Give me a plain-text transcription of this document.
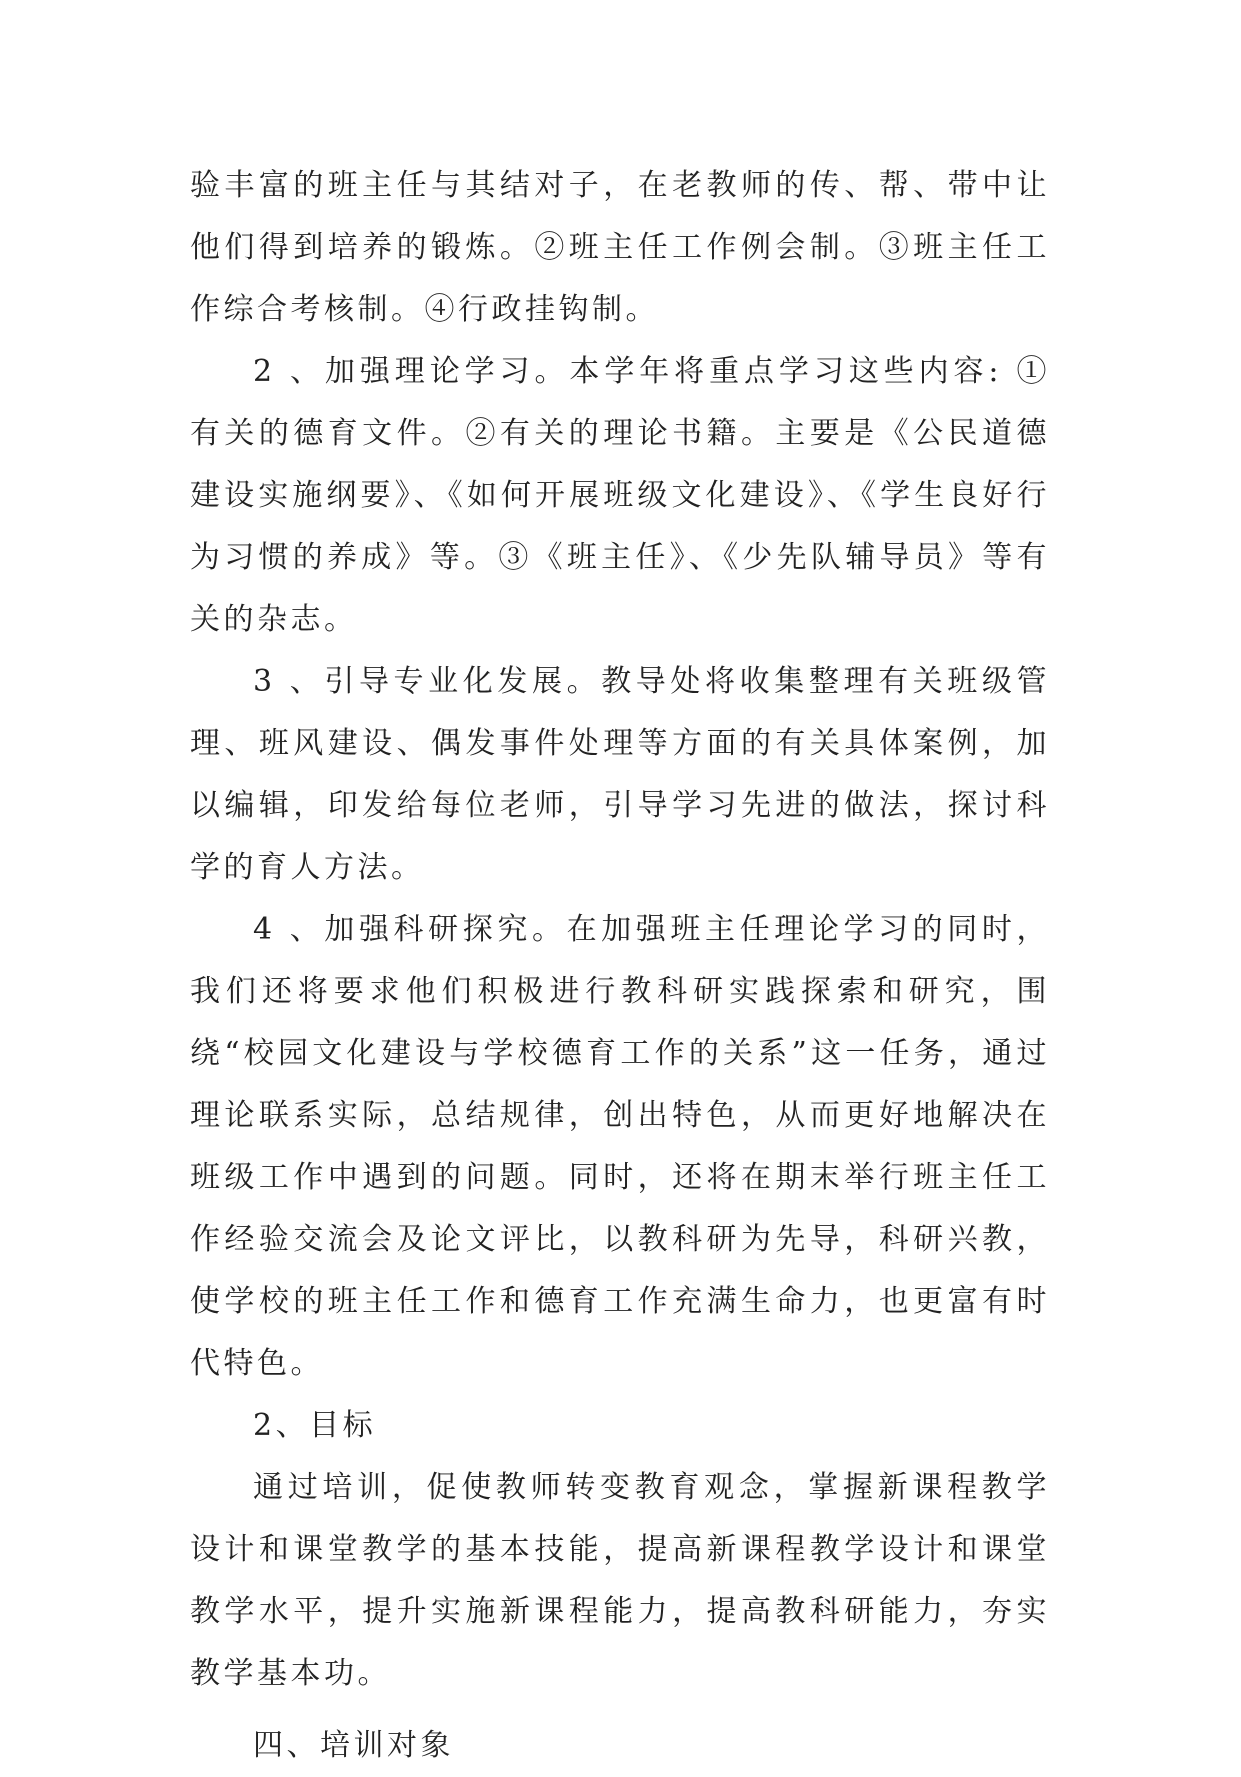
验丰富的班主任与其结对子，在老教师的传、帮、带中让他们得到培养的锻炼。②班主任工作例会制。③班主任工作综合考核制。④行政挂钩制。

2 、加强理论学习。本学年将重点学习这些内容: ①有关的德育文件。②有关的理论书籍。主要是《公民道德建设实施纲要》、《如何开展班级文化建设》、《学生良好行为习惯的养成》等。③《班主任》、《少先队辅导员》等有关的杂志。

3 、引导专业化发展。教导处将收集整理有关班级管理、班风建设、偶发事件处理等方面的有关具体案例，加以编辑，印发给每位老师，引导学习先进的做法，探讨科学的育人方法。

4 、加强科研探究。在加强班主任理论学习的同时，我们还将要求他们积极进行教科研实践探索和研究，围绕“校园文化建设与学校德育工作的关系”这一任务，通过理论联系实际，总结规律，创出特色，从而更好地解决在班级工作中遇到的问题。同时，还将在期末举行班主任工作经验交流会及论文评比，以教科研为先导，科研兴教，使学校的班主任工作和德育工作充满生命力，也更富有时代特色。

2、目标

通过培训，促使教师转变教育观念，掌握新课程教学设计和课堂教学的基本技能，提高新课程教学设计和课堂教学水平，提升实施新课程能力，提高教科研能力，夯实教学基本功。

四、培训对象
